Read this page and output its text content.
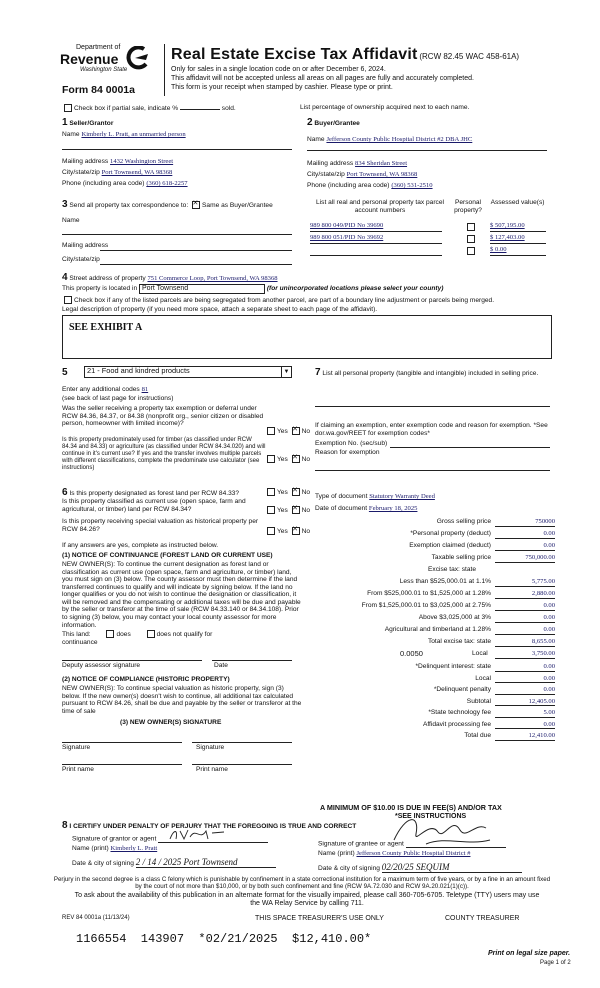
Department of
Revenue
Washington State
Form 84 0001a
Real Estate Excise Tax Affidavit (RCW 82.45 WAC 458-61A)
Only for sales in a single location code on or after December 6, 2024.
This affidavit will not be accepted unless all areas on all pages are fully and accurately completed.
This form is your receipt when stamped by cashier. Please type or print.
Check box if partial sale, indicate %	sold.	List percentage of ownership acquired next to each name.
1 Seller/Grantor
Name Kimberly L. Pratt, an unmarried person
Mailing address 1432 Washington Street
City/state/zip Port Townsend, WA 98368
Phone (including area code) (360) 618-2257
2 Buyer/Grantee
Name Jefferson County Public Hospital District #2 DBA JHC
Mailing address 834 Sheridan Street
City/state/zip Port Townsend, WA 98368
Phone (including area code) (360) 531-2510
3 Send all property tax correspondence to: ✕ Same as Buyer/Grantee
Name
Mailing address
City/state/zip
List all real and personal property tax parcel account numbers
Personal property?
Assessed value(s)
989 800 049/PID No 39690	$ 507,195.00
989 800 051/PID No 39692	$ 127,403.00
$ 0.00
4 Street address of property 751 Commerce Loop, Port Townsend, WA 98368
This property is located in Port Townsend	(for unincorporated locations please select your county)
Check box if any of the listed parcels are being segregated from another parcel, are part of a boundary line adjustment or parcels being merged.
Legal description of property (if you need more space, attach a separate sheet to each page of the affidavit).
SEE EXHIBIT A
5	21 - Food and kindred products	▼
Enter any additional codes 81
(see back of last page for instructions)
Was the seller receiving a property tax exemption or deferral under RCW 84.36, 84.37, or 84.38 (nonprofit org., senior citizen or disabled person, homeowner with limited income)?
Yes ✕ No
Is this property predominately used for timber (as classified under RCW 84.34 and 84.33) or agriculture (as classified under RCW 84.34.020) and will continue in it's current use? If yes and the transfer involves multiple parcels with different classifications, complete the predominate use calculator (see instructions)
Yes ✕ No
6 Is this property designated as forest land per RCW 84.33?	Yes ✕ No
Is this property classified as current use (open space, farm and agricultural, or timber) land per RCW 84.34?	Yes ✕ No
Is this property receiving special valuation as historical property per RCW 84.26?	Yes ✕ No
If any answers are yes, complete as instructed below.
(1) NOTICE OF CONTINUANCE (FOREST LAND OR CURRENT USE)
NEW OWNER(S): To continue the current designation as forest land or classification as current use (open space, farm and agriculture, or timber) land, you must sign on (3) below. The county assessor must then determine if the land transferred continues to qualify and will indicate by signing below. If the land no longer qualifies or you do not wish to continue the designation or classification, it will be removed and the compensating or additional taxes will be due and payable by the seller or transferor at the time of sale (RCW 84.33.140 or 84.34.108). Prior to signing (3) below, you may contact your local county assessor for more information.
This land:	does	does not qualify for
continuance
Deputy assessor signature	Date
(2) NOTICE OF COMPLIANCE (HISTORIC PROPERTY)
NEW OWNER(S): To continue special valuation as historic property, sign (3) below. If the new owner(s) doesn't wish to continue, all additional tax calculated pursuant to RCW 84.26, shall be due and payable by the seller or transferor at the time of sale
(3) NEW OWNER(S) SIGNATURE
Signature	Signature
Print name	Print name
7 List all personal property (tangible and intangible) included in selling price.
If claiming an exemption, enter exemption code and reason for exemption. *See dor.wa.gov/REET for exemption codes*
Exemption No. (sec/sub)
Reason for exemption
Type of document Statutory Warranty Deed
Date of document February 18, 2025
Gross selling price	750000
*Personal property (deduct)	0.00
Exemption claimed (deduct)	0.00
Taxable selling price	750,000.00
Excise tax: state
Less than $525,000.01 at 1.1%	5,775.00
From $525,000.01 to $1,525,000 at 1.28%	2,880.00
From $1,525,000.01 to $3,025,000 at 2.75%	0.00
Above $3,025,000 at 3%	0.00
Agricultural and timberland at 1.28%	0.00
Total excise tax: state	8,655.00
0.0050	Local	3,750.00
*Delinquent interest: state	0.00
Local	0.00
*Delinquent penalty	0.00
Subtotal	12,405.00
*State technology fee	5.00
Affidavit processing fee	0.00
Total due	12,410.00
A MINIMUM OF $10.00 IS DUE IN FEE(S) AND/OR TAX
*SEE INSTRUCTIONS
8 I CERTIFY UNDER PENALTY OF PERJURY THAT THE FOREGOING IS TRUE AND CORRECT
Signature of grantor or agent
Name (print) Kimberly L. Pratt
Date & city of signing 2 / 14 / 2025 Port Townsend
Signature of grantee or agent
Name (print) Jefferson County Public Hospital District #
Date & city of signing 02/20/25 SEQUIM
Perjury in the second degree is a class C felony which is punishable by confinement in a state correctional institution for a maximum term of five years, or by a fine in an amount fixed by the court of not more than $10,000, or by both such confinement and fine (RCW 9A.72.030 and RCW 9A.20.021(1)(c)).
To ask about the availability of this publication in an alternate format for the visually impaired, please call 360-705-6705. Teletype (TTY) users may use the WA Relay Service by calling 711.
REV 84 0001a (11/13/24)	THIS SPACE TREASURER'S USE ONLY	COUNTY TREASURER
1166554  143907  *02/21/2025  $12,410.00*
Print on legal size paper.
Page 1 of 2
